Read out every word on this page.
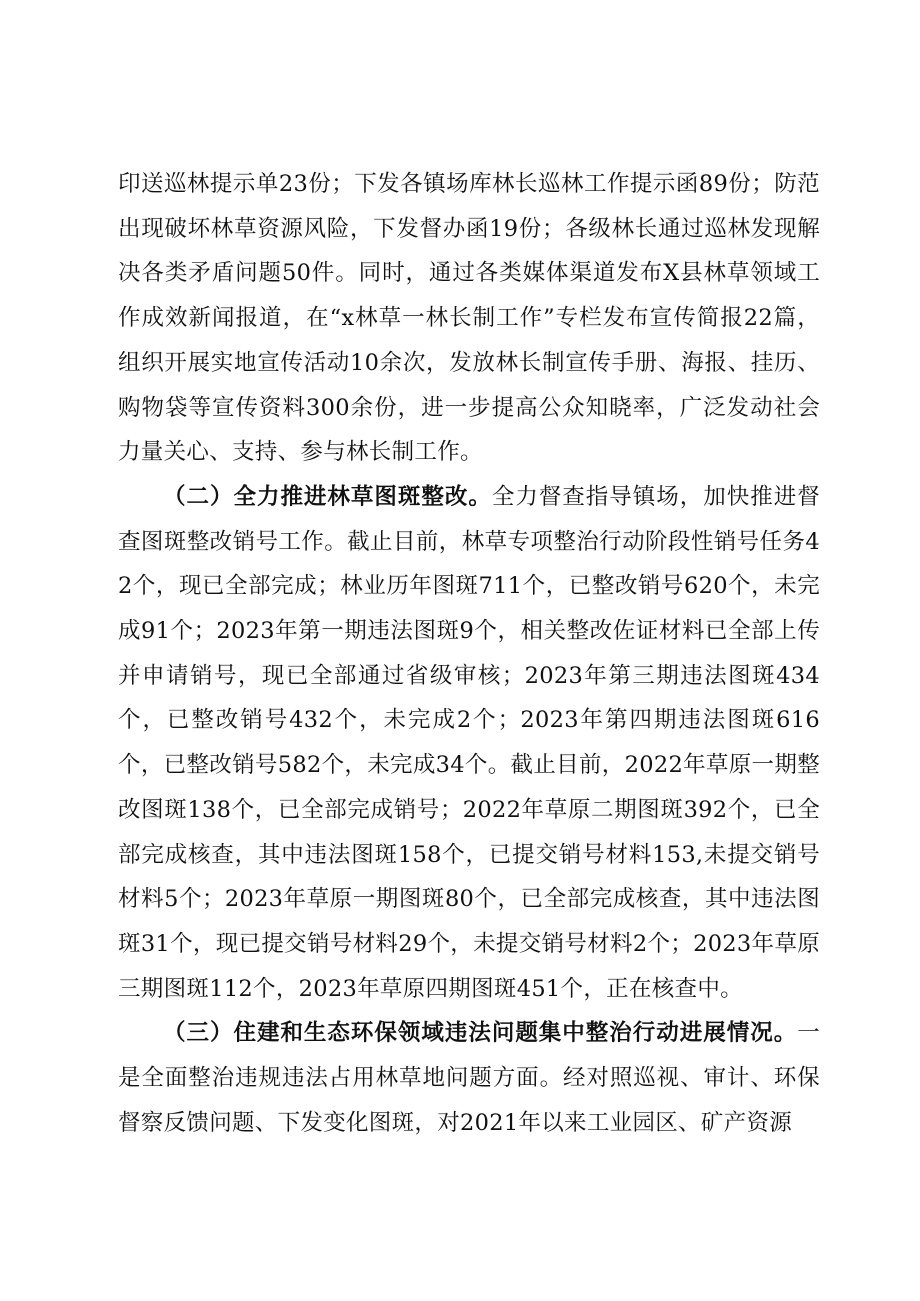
印送巡林提示单23份；下发各镇场库林长巡林工作提示函89份；防范出现破坏林草资源风险，下发督办函19份；各级林长通过巡林发现解决各类矛盾问题50件。同时，通过各类媒体渠道发布X县林草领域工作成效新闻报道，在“x林草一林长制工作”专栏发布宣传简报22篇，组织开展实地宣传活动10余次，发放林长制宣传手册、海报、挂历、购物袋等宣传资料300余份，进一步提高公众知晓率，广泛发动社会力量关心、支持、参与林长制工作。

（二）全力推进林草图斑整改。全力督查指导镇场，加快推进督查图斑整改销号工作。截止目前，林草专项整治行动阶段性销号任务42个，现已全部完成；林业历年图斑711个，已整改销号620个，未完成91个；2023年第一期违法图斑9个，相关整改佐证材料已全部上传并申请销号，现已全部通过省级审核；2023年第三期违法图斑434个，已整改销号432个，未完成2个；2023年第四期违法图斑616个，已整改销号582个，未完成34个。截止目前，2022年草原一期整改图斑138个，已全部完成销号；2022年草原二期图斑392个，已全部完成核查，其中违法图斑158个，已提交销号材料153,未提交销号材料5个；2023年草原一期图斑80个，已全部完成核查，其中违法图斑31个，现已提交销号材料29个，未提交销号材料2个；2023年草原三期图斑112个，2023年草原四期图斑451个，正在核查中。

（三）住建和生态环保领域违法问题集中整治行动进展情况。一是全面整治违规违法占用林草地问题方面。经对照巡视、审计、环保督察反馈问题、下发变化图斑，对2021年以来工业园区、矿产资源
